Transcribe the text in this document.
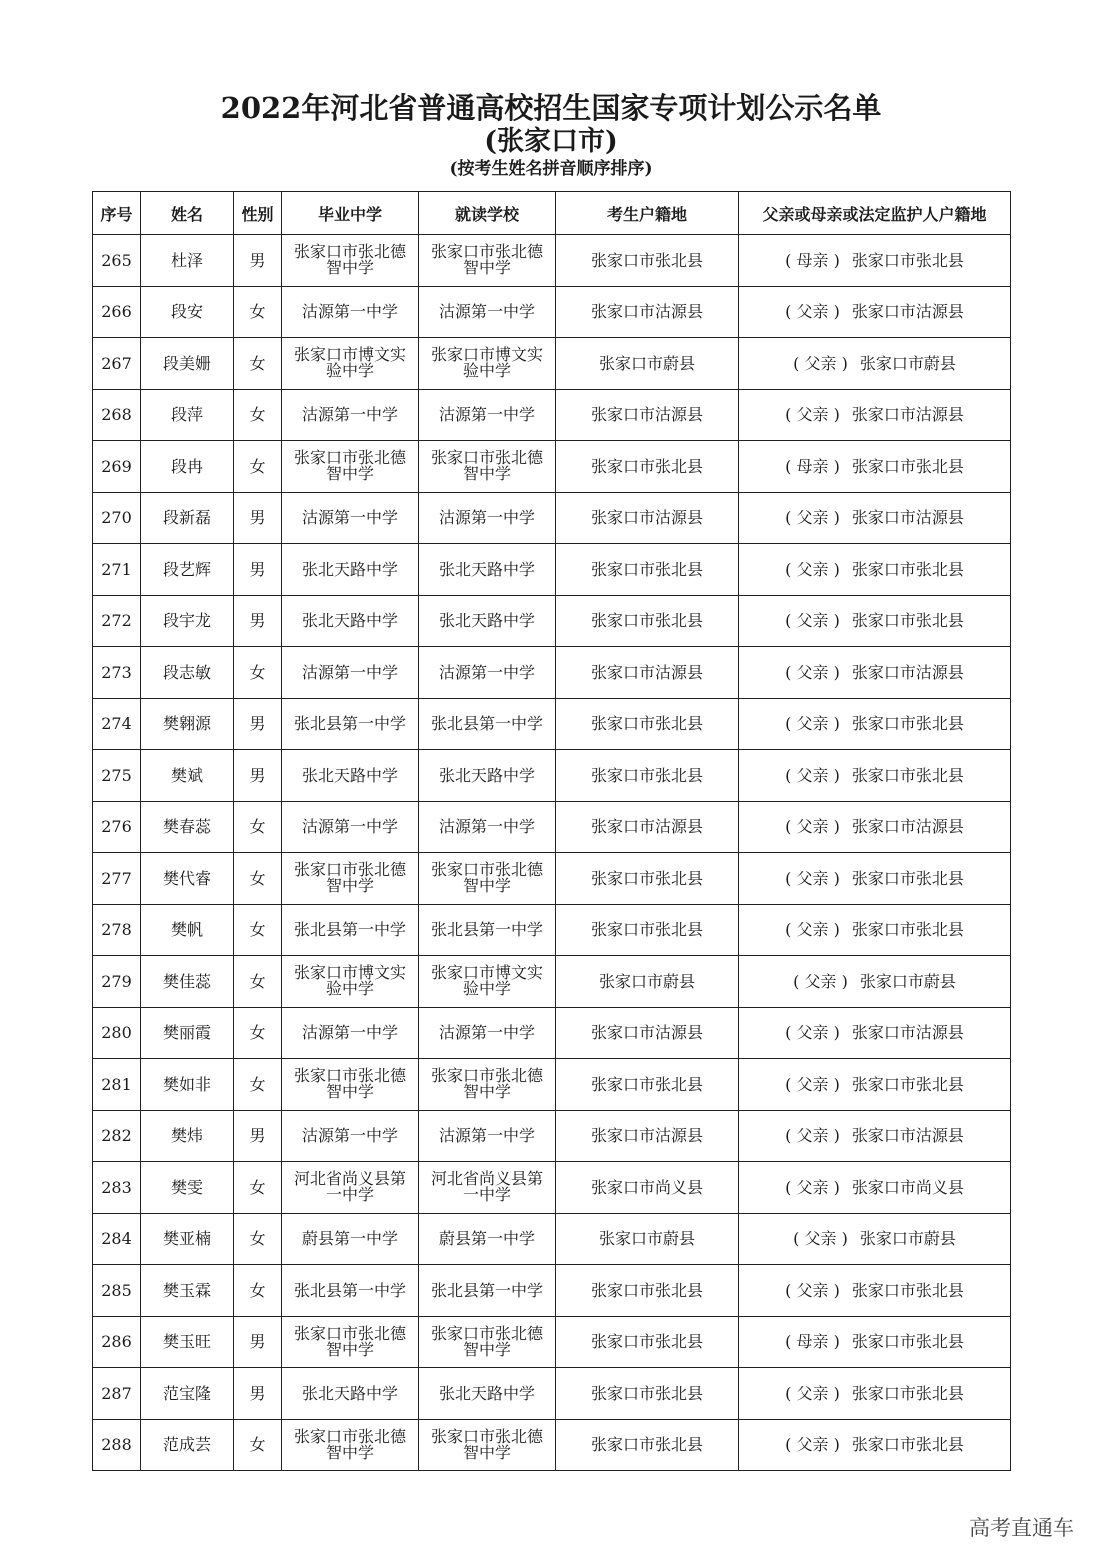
2022年河北省普通高校招生国家专项计划公示名单
(张家口市)
(按考生姓名拼音顺序排序)
序号	姓名	性别	毕业中学	就读学校	考生户籍地	父亲或母亲或法定监护人户籍地
265	杜泽	男	张家口市张北德智中学	张家口市张北德智中学	张家口市张北县	( 母亲 ) 张家口市张北县
266	段安	女	沽源第一中学	沽源第一中学	张家口市沽源县	( 父亲 ) 张家口市沽源县
267	段美姗	女	张家口市博文实验中学	张家口市博文实验中学	张家口市蔚县	( 父亲 ) 张家口市蔚县
268	段萍	女	沽源第一中学	沽源第一中学	张家口市沽源县	( 父亲 ) 张家口市沽源县
269	段冉	女	张家口市张北德智中学	张家口市张北德智中学	张家口市张北县	( 母亲 ) 张家口市张北县
270	段新磊	男	沽源第一中学	沽源第一中学	张家口市沽源县	( 父亲 ) 张家口市沽源县
271	段艺辉	男	张北天路中学	张北天路中学	张家口市张北县	( 父亲 ) 张家口市张北县
272	段宇龙	男	张北天路中学	张北天路中学	张家口市张北县	( 父亲 ) 张家口市张北县
273	段志敏	女	沽源第一中学	沽源第一中学	张家口市沽源县	( 父亲 ) 张家口市沽源县
274	樊翱源	男	张北县第一中学	张北县第一中学	张家口市张北县	( 父亲 ) 张家口市张北县
275	樊斌	男	张北天路中学	张北天路中学	张家口市张北县	( 父亲 ) 张家口市张北县
276	樊春蕊	女	沽源第一中学	沽源第一中学	张家口市沽源县	( 父亲 ) 张家口市沽源县
277	樊代睿	女	张家口市张北德智中学	张家口市张北德智中学	张家口市张北县	( 父亲 ) 张家口市张北县
278	樊帆	女	张北县第一中学	张北县第一中学	张家口市张北县	( 父亲 ) 张家口市张北县
279	樊佳蕊	女	张家口市博文实验中学	张家口市博文实验中学	张家口市蔚县	( 父亲 ) 张家口市蔚县
280	樊丽霞	女	沽源第一中学	沽源第一中学	张家口市沽源县	( 父亲 ) 张家口市沽源县
281	樊如非	女	张家口市张北德智中学	张家口市张北德智中学	张家口市张北县	( 父亲 ) 张家口市张北县
282	樊炜	男	沽源第一中学	沽源第一中学	张家口市沽源县	( 父亲 ) 张家口市沽源县
283	樊雯	女	河北省尚义县第一中学	河北省尚义县第一中学	张家口市尚义县	( 父亲 ) 张家口市尚义县
284	樊亚楠	女	蔚县第一中学	蔚县第一中学	张家口市蔚县	( 父亲 ) 张家口市蔚县
285	樊玉霖	女	张北县第一中学	张北县第一中学	张家口市张北县	( 父亲 ) 张家口市张北县
286	樊玉旺	男	张家口市张北德智中学	张家口市张北德智中学	张家口市张北县	( 母亲 ) 张家口市张北县
287	范宝隆	男	张北天路中学	张北天路中学	张家口市张北县	( 父亲 ) 张家口市张北县
288	范成芸	女	张家口市张北德智中学	张家口市张北德智中学	张家口市张北县	( 父亲 ) 张家口市张北县
高考直通车
